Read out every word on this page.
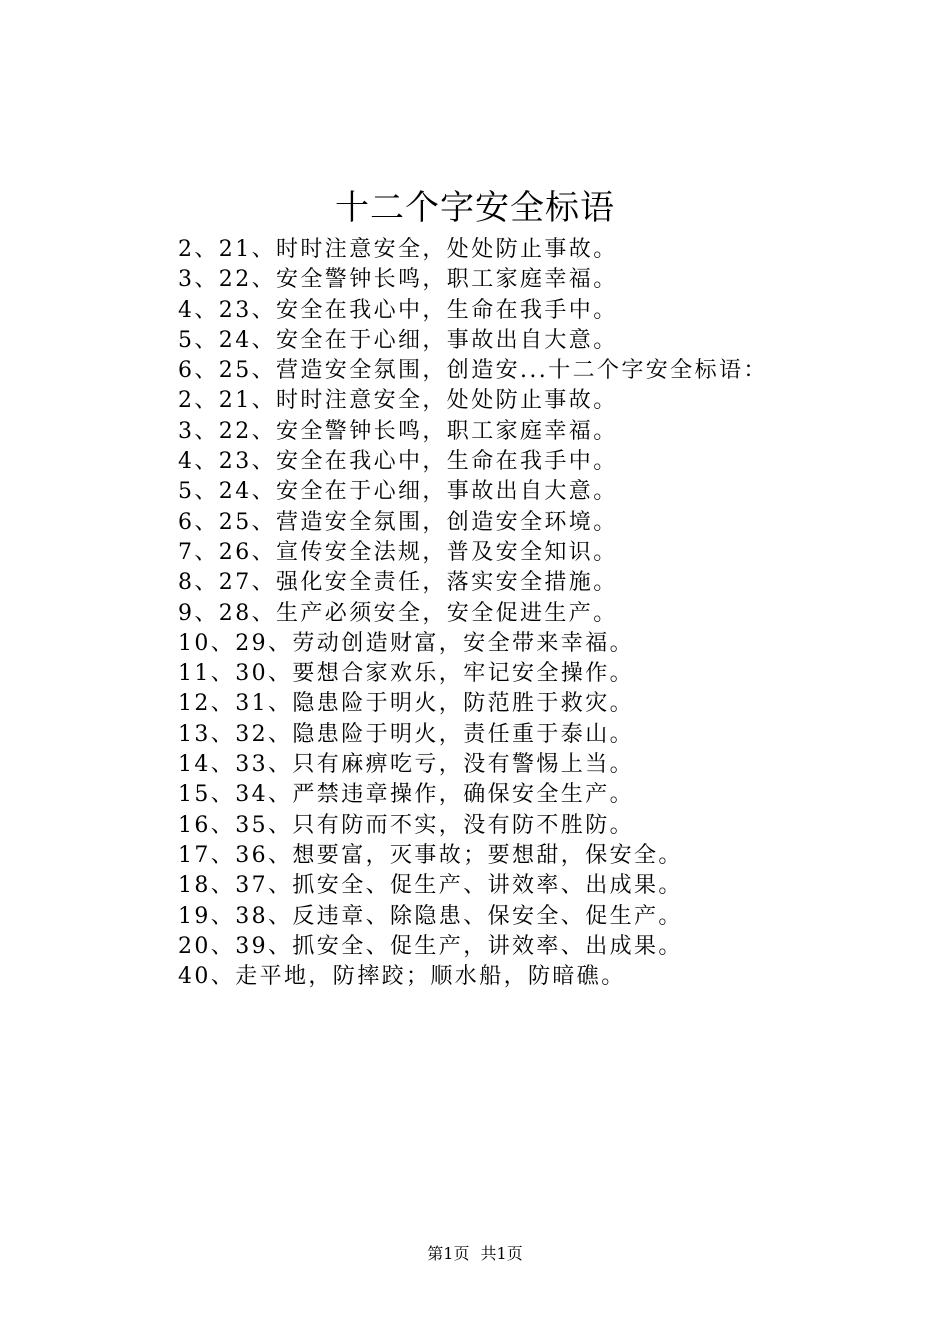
十二个字安全标语
2、21、时时注意安全，处处防止事故。
3、22、安全警钟长鸣，职工家庭幸福。
4、23、安全在我心中，生命在我手中。
5、24、安全在于心细，事故出自大意。
6、25、营造安全氛围，创造安...十二个字安全标语：
2、21、时时注意安全，处处防止事故。
3、22、安全警钟长鸣，职工家庭幸福。
4、23、安全在我心中，生命在我手中。
5、24、安全在于心细，事故出自大意。
6、25、营造安全氛围，创造安全环境。
7、26、宣传安全法规，普及安全知识。
8、27、强化安全责任，落实安全措施。
9、28、生产必须安全，安全促进生产。
10、29、劳动创造财富，安全带来幸福。
11、30、要想合家欢乐，牢记安全操作。
12、31、隐患险于明火，防范胜于救灾。
13、32、隐患险于明火，责任重于泰山。
14、33、只有麻痹吃亏，没有警惕上当。
15、34、严禁违章操作，确保安全生产。
16、35、只有防而不实，没有防不胜防。
17、36、想要富，灭事故；要想甜，保安全。
18、37、抓安全、促生产、讲效率、出成果。
19、38、反违章、除隐患、保安全、促生产。
20、39、抓安全、促生产，讲效率、出成果。
40、走平地，防摔跤；顺水船，防暗礁。
第1页 共1页
